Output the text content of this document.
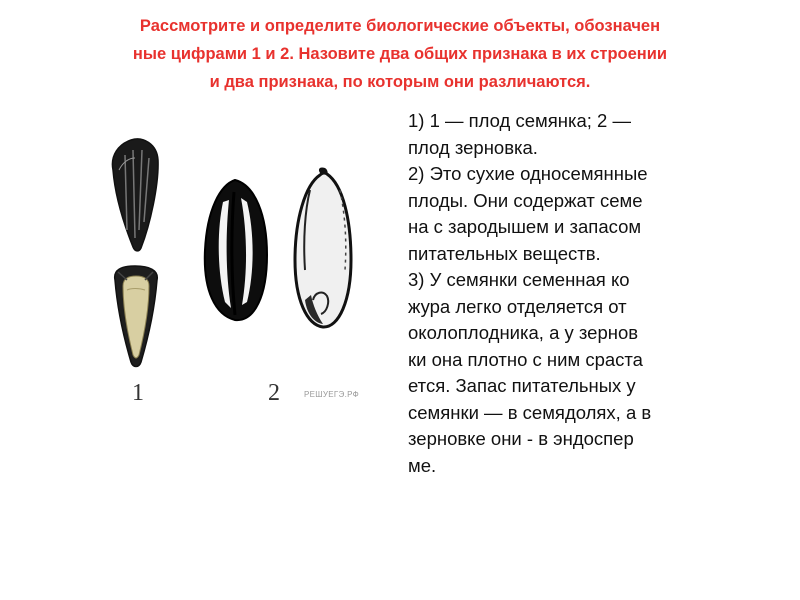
Рассмотрите и определите биологические объекты, обозначен
ные цифрами 1 и 2. Назовите два общих признака в их строении
и два признака, по которым они различаются.
1	2	РЕШУЕГЭ.РФ
1) 1 — плод семянка; 2 —
плод зерновка.
2) Это сухие односемянные
плоды. Они содержат семе
на с зародышем и запасом
питательных веществ.
3) У семянки семенная ко
жура легко отделяется от
околоплодника, а у зернов
ки она плотно с ним сраста
ется. Запас питательных у
семянки — в семядолях, а в
зерновке они - в эндоспер
ме.
